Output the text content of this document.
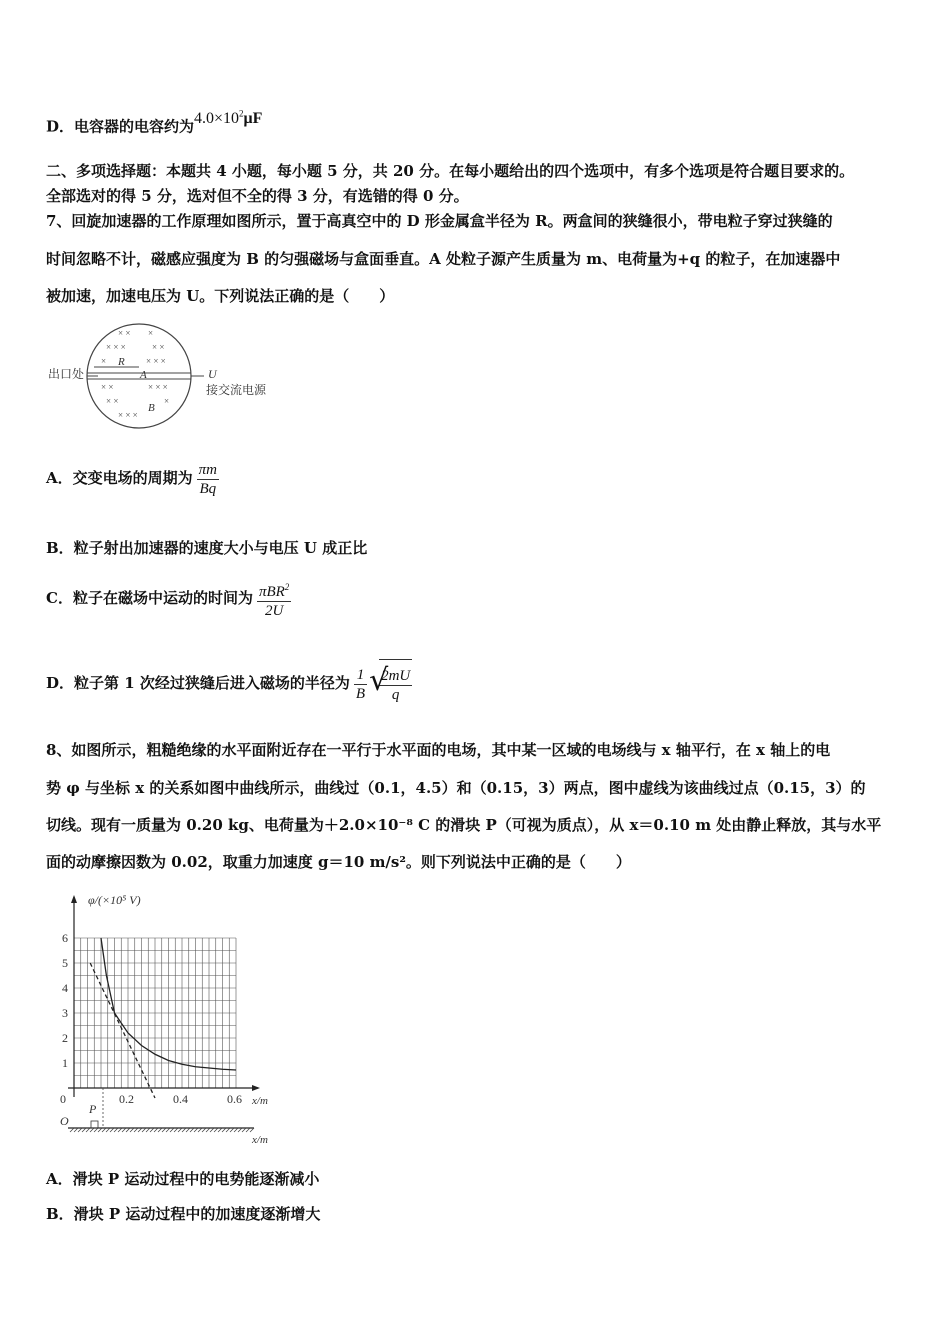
D．电容器的电容约为$4.0\times 10^2\mu F$
二、多项选择题：本题共 4 小题，每小题 5 分，共 20 分。在每小题给出的四个选项中，有多个选项是符合题目要求的。
全部选对的得 5 分，选对但不全的得 3 分，有选错的得 0 分。
7、回旋加速器的工作原理如图所示，置于高真空中的 D 形金属盒半径为 R。两盒间的狭缝很小，带电粒子穿过狭缝的
时间忽略不计，磁感应强度为 B 的匀强磁场与盒面垂直。A 处粒子源产生质量为 m、电荷量为+q 的粒子，在加速器中
被加速，加速电压为 U。下列说法正确的是（　　）
× × ×
× × ×	× ×
×	× × ×
× ×	× × ×
× ×	×
× × ×
出口处	U
接交流电源
R
A
B
A．交变电场的周期为 $\frac{\pi m}{Bq}$
B．粒子射出加速器的速度大小与电压 U 成正比
C．粒子在磁场中运动的时间为 $\frac{\pi BR^2}{2U}$
D．粒子第 1 次经过狭缝后进入磁场的半径为 $\frac{1}{B}$ √
$\frac{2mU}{q}$
8、如图所示，粗糙绝缘的水平面附近存在一平行于水平面的电场，其中某一区域的电场线与 x 轴平行，在 x 轴上的电
势 φ 与坐标 x 的关系如图中曲线所示，曲线过（0.1，4.5）和（0.15，3）两点，图中虚线为该曲线过点（0.15，3）的
切线。现有一质量为 0.20 kg、电荷量为＋2.0×10⁻⁸ C 的滑块 P（可视为质点），从 x＝0.10 m 处由静止释放，其与水平
面的动摩擦因数为 0.02，取重力加速度 g＝10 m/s²。则下列说法中正确的是（　　）
0.2	0.4	0.6
1
2
3
4
5
6
φ/(×10⁵ V)
x/m
x/m
0
O
P
A．滑块 P 运动过程中的电势能逐渐减小
B．滑块 P 运动过程中的加速度逐渐增大
